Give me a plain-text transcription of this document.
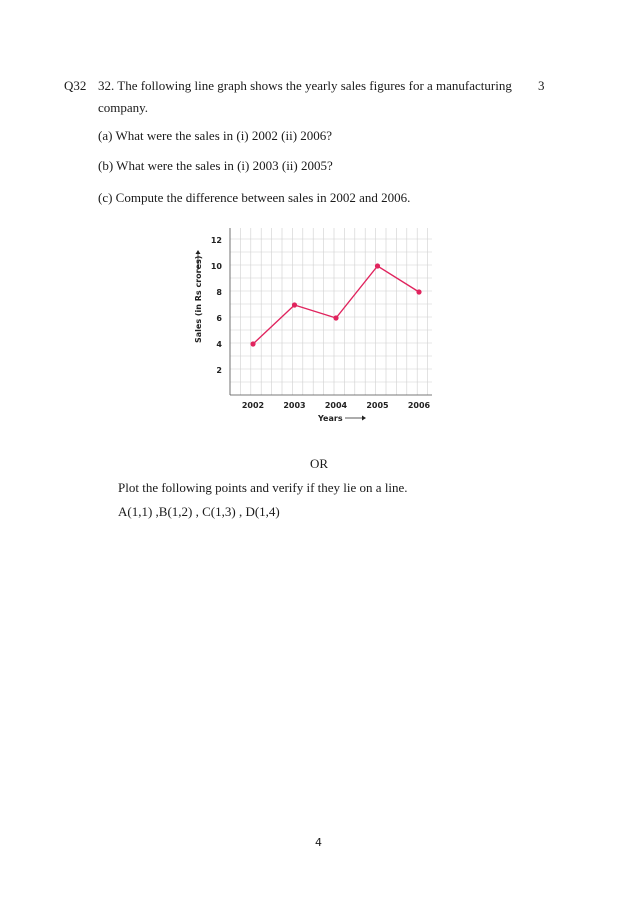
Q32 32. The following line graph shows the yearly sales figures for a manufacturing 3
company.
(a) What were the sales in (i) 2002 (ii) 2006?
(b) What were the sales in (i) 2003 (ii) 2005?
(c) Compute the difference between sales in 2002 and 2006.
2
4
6
8
10
12
2002 2003 2004 2005 2006
Years
Sales (in Rs crores)
OR
Plot the following points and verify if they lie on a line.
A(1,1) ,B(1,2) , C(1,3) , D(1,4)
4
